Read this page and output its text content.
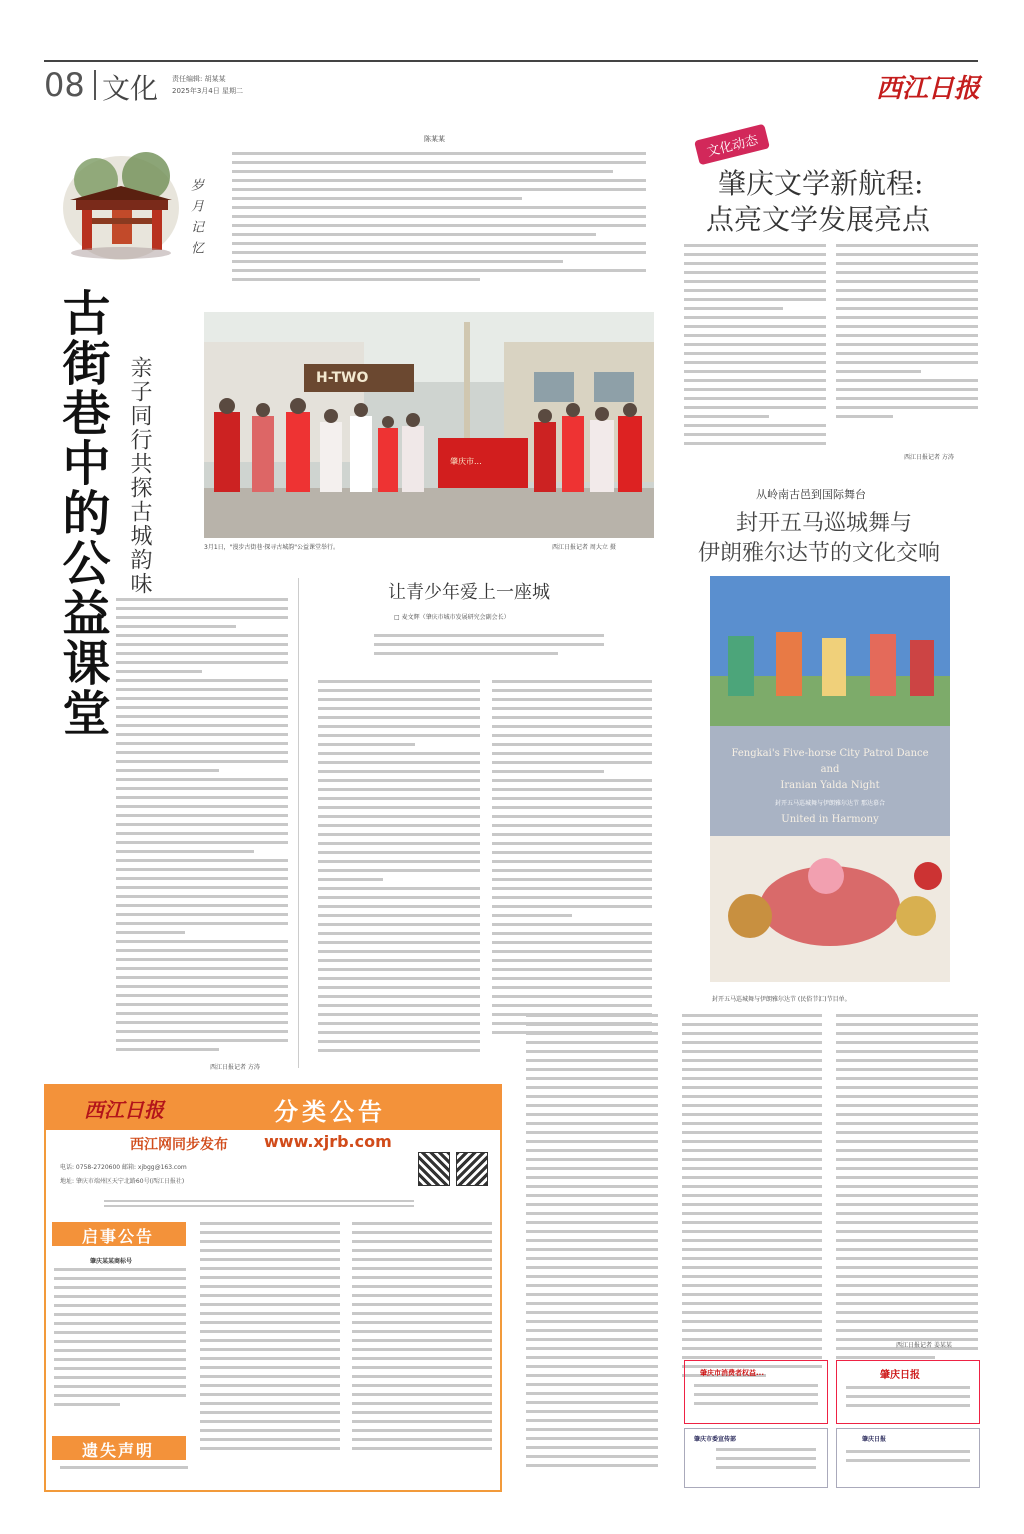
08 文化 责任编辑: 胡某某
2025年3月4日 星期二	西江日报
岁月记忆
古街巷中的公益课堂 亲子同行共探古城韵味
陈某某
H-TWO
肇庆市...
3月1日，"漫步古街巷·探寻古城韵"公益课堂举行。	西江日报记者 周大立 摄
西江日报记者 方涛
让青少年爱上一座城
□ 麦文辉（肇庆市城市发展研究会副会长）
文化动态
肇庆文学新航程:
点亮文学发展亮点
西江日报记者 方涛
从岭南古邑到国际舞台
封开五马巡城舞与
伊朗雅尔达节的文化交响
Fengkai's Five-horse City Patrol Dance
and
Iranian Yalda Night
封开五马巡城舞与伊朗雅尔达节 那达慕合
United in Harmony
封开五马巡城舞与伊朗雅尔达节 (民俗节汇)节目单。
西江日报记者 姜某某
西江日报	分类公告
西江网同步发布 www.xjrb.com
电话: 0758-2720600 邮箱: xjbgg@163.com
地址: 肇庆市端州区天宁北路60号(西江日报社)
启事公告
肇庆某某商标号
遗失声明
肇庆市消费者权益...	肇庆日报
肇庆市委宣传部	肇庆日报
